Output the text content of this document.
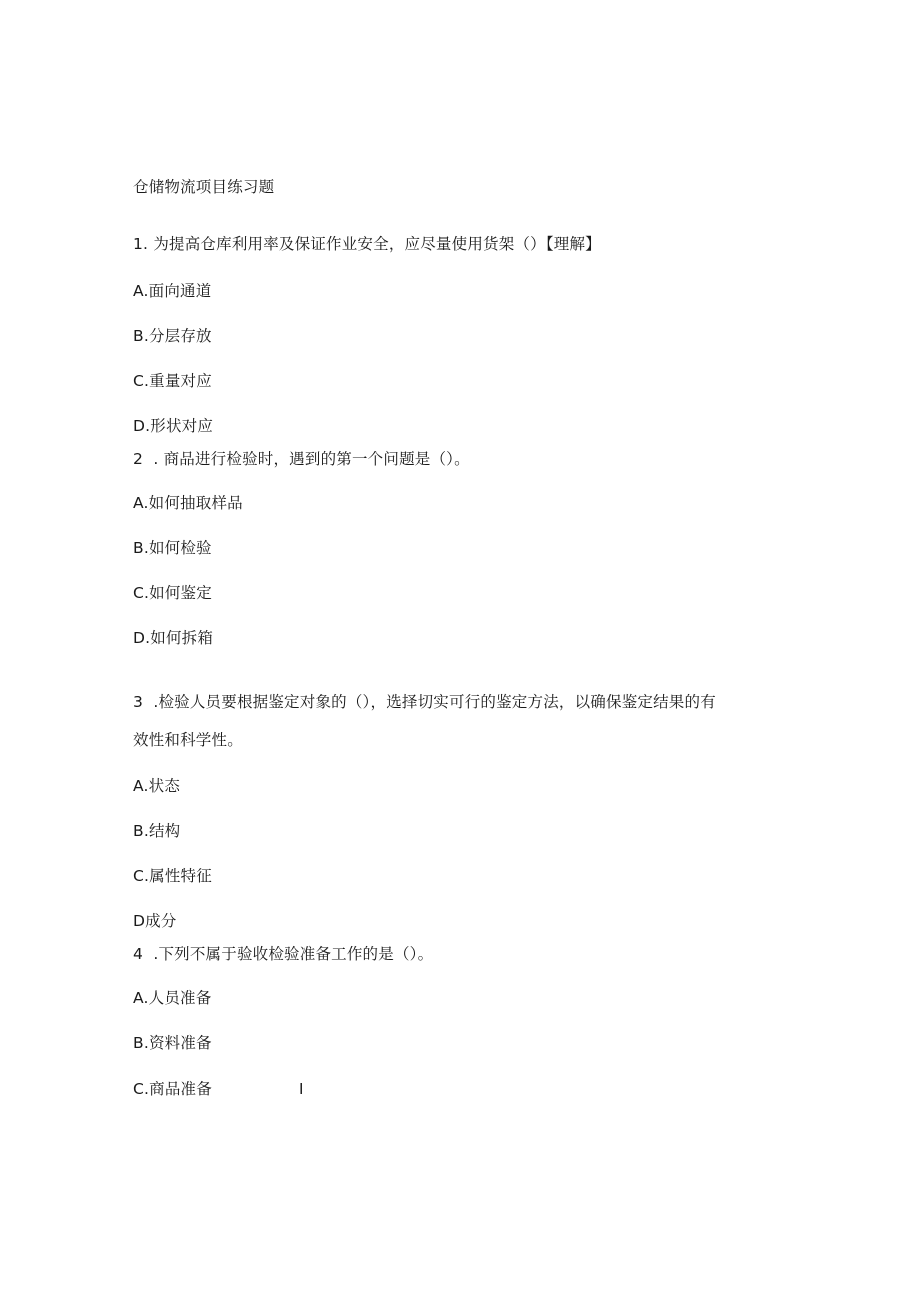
仓储物流项目练习题
1. 为提高仓库利用率及保证作业安全，应尽量使用货架（）【理解】
A.面向通道
B.分层存放
C.重量对应
D.形状对应
2  . 商品进行检验时，遇到的第一个问题是（）。
A.如何抽取样品
B.如何检验
C.如何鉴定
D.如何拆箱
3  .检验人员要根据鉴定对象的（），选择切实可行的鉴定方法，以确保鉴定结果的有
效性和科学性。
A.状态
B.结构
C.属性特征
D成分
4  .下列不属于验收检验准备工作的是（）。
A.人员准备
B.资料准备
C.商品准备	I
